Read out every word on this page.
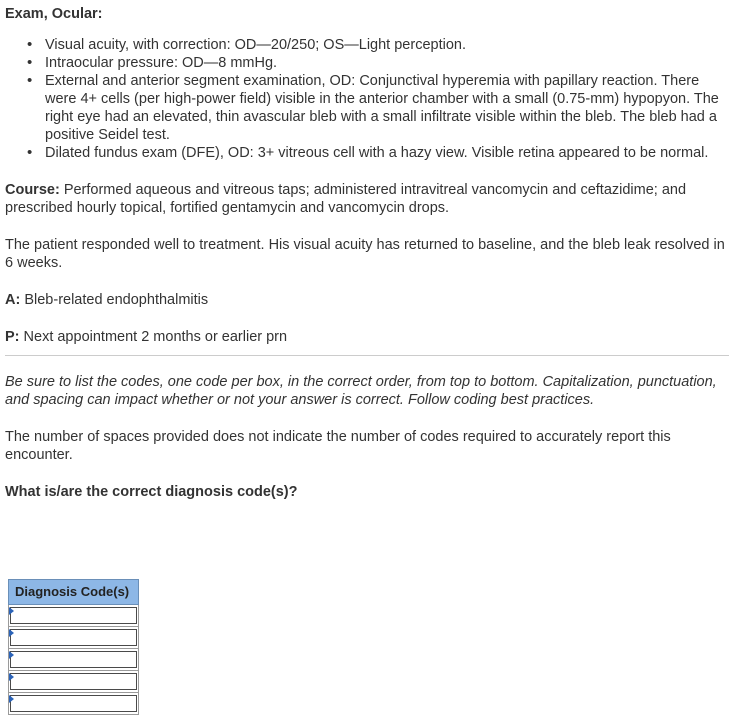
Exam, Ocular:
• Visual acuity, with correction: OD—20/250; OS—Light perception.
• Intraocular pressure: OD—8 mmHg.
• External and anterior segment examination, OD: Conjunctival hyperemia with papillary reaction. There were 4+ cells (per high-power field) visible in the anterior chamber with a small (0.75-mm) hypopyon. The right eye had an elevated, thin avascular bleb with a small infiltrate visible within the bleb. The bleb had a positive Seidel test.
• Dilated fundus exam (DFE), OD: 3+ vitreous cell with a hazy view. Visible retina appeared to be normal.

Course: Performed aqueous and vitreous taps; administered intravitreal vancomycin and ceftazidime; and prescribed hourly topical, fortified gentamycin and vancomycin drops.

The patient responded well to treatment. His visual acuity has returned to baseline, and the bleb leak resolved in 6 weeks.

A: Bleb-related endophthalmitis

P: Next appointment 2 months or earlier prn

Be sure to list the codes, one code per box, in the correct order, from top to bottom. Capitalization, punctuation, and spacing can impact whether or not your answer is correct. Follow coding best practices.

The number of spaces provided does not indicate the number of codes required to accurately report this encounter.

What is/are the correct diagnosis code(s)?

Diagnosis Code(s)
